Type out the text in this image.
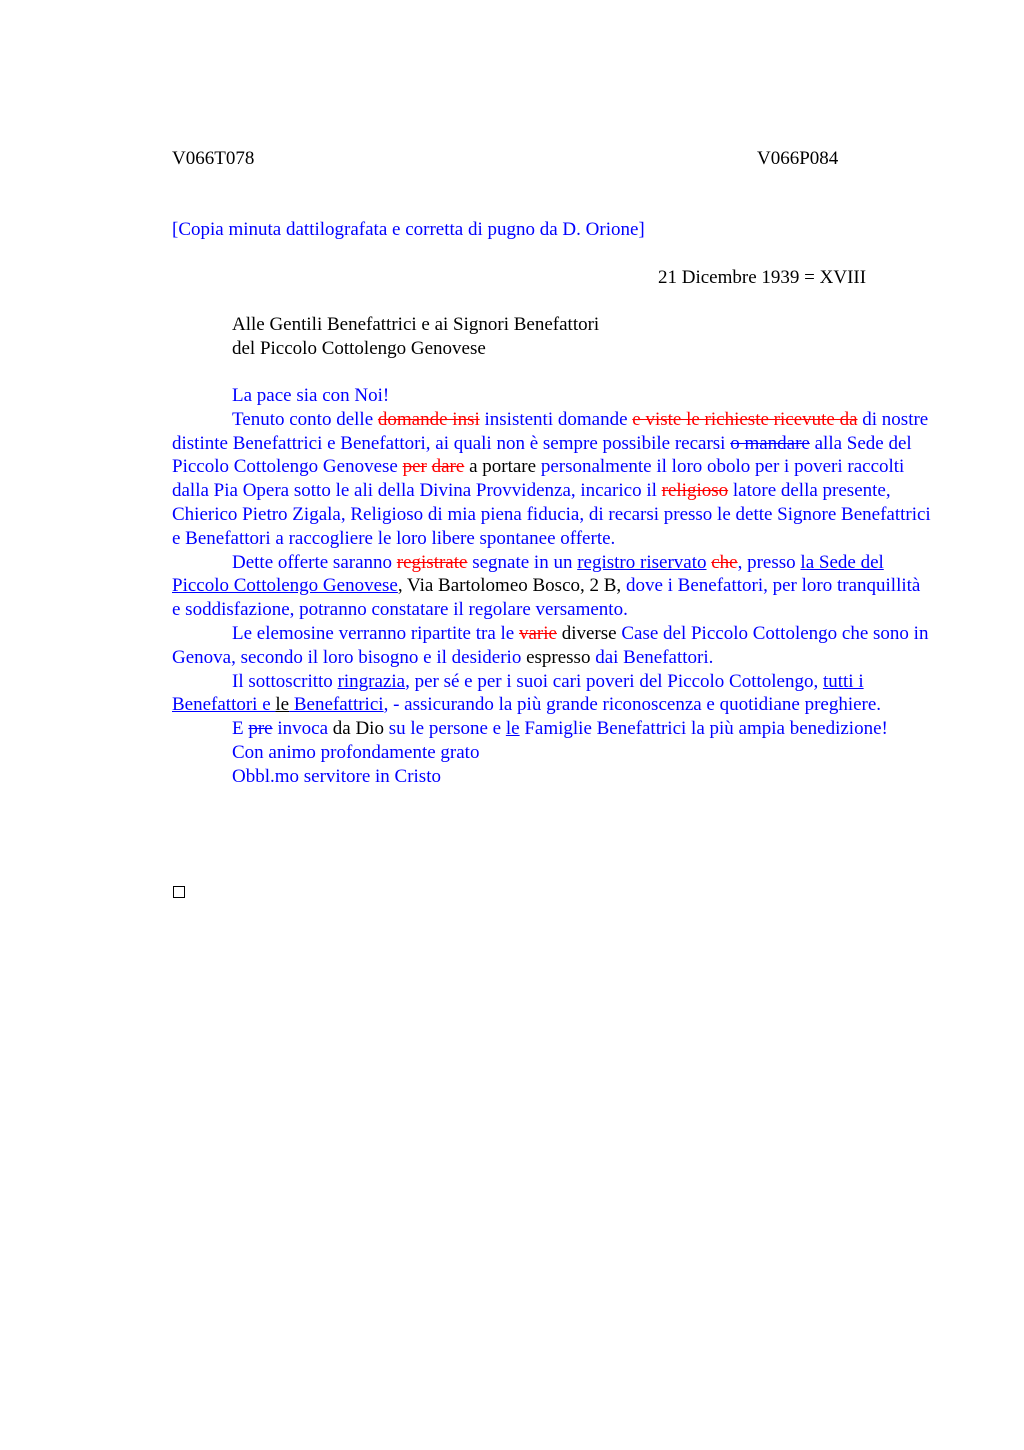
V066T078	V066P084
[Copia minuta dattilografata e corretta di pugno da D. Orione]
21 Dicembre 1939 = XVIII
Alle Gentili Benefattrici e ai Signori Benefattori
del Piccolo Cottolengo Genovese

La pace sia con Noi!

Tenuto conto delle domande insi insistenti domande e viste le richieste ricevute da di nostre distinte Benefattrici e Benefattori, ai quali non è sempre possibile recarsi o mandare alla Sede del Piccolo Cottolengo Genovese per dare a portare personalmente il loro obolo per i poveri raccolti dalla Pia Opera sotto le ali della Divina Provvidenza, incarico il religioso latore della presente, Chierico Pietro Zigala, Religioso di mia piena fiducia, di recarsi presso le dette Signore Benefattrici e Benefattori a raccogliere le loro libere spontanee offerte.

Dette offerte saranno registrate segnate in un registro riservato che, presso la Sede del Piccolo Cottolengo Genovese, Via Bartolomeo Bosco, 2 B, dove i Benefattori, per loro tranquillità e soddisfazione, potranno constatare il regolare versamento.

Le elemosine verranno ripartite tra le varie diverse Case del Piccolo Cottolengo che sono in Genova, secondo il loro bisogno e il desiderio espresso dai Benefattori.

Il sottoscritto ringrazia, per sé e per i suoi cari poveri del Piccolo Cottolengo, tutti i Benefattori e le Benefattrici, - assicurando la più grande riconoscenza e quotidiane preghiere.

E pre invoca da Dio su le persone e le Famiglie Benefattrici la più ampia benedizione!

Con animo profondamente grato

Obbl.mo servitore in Cristo
